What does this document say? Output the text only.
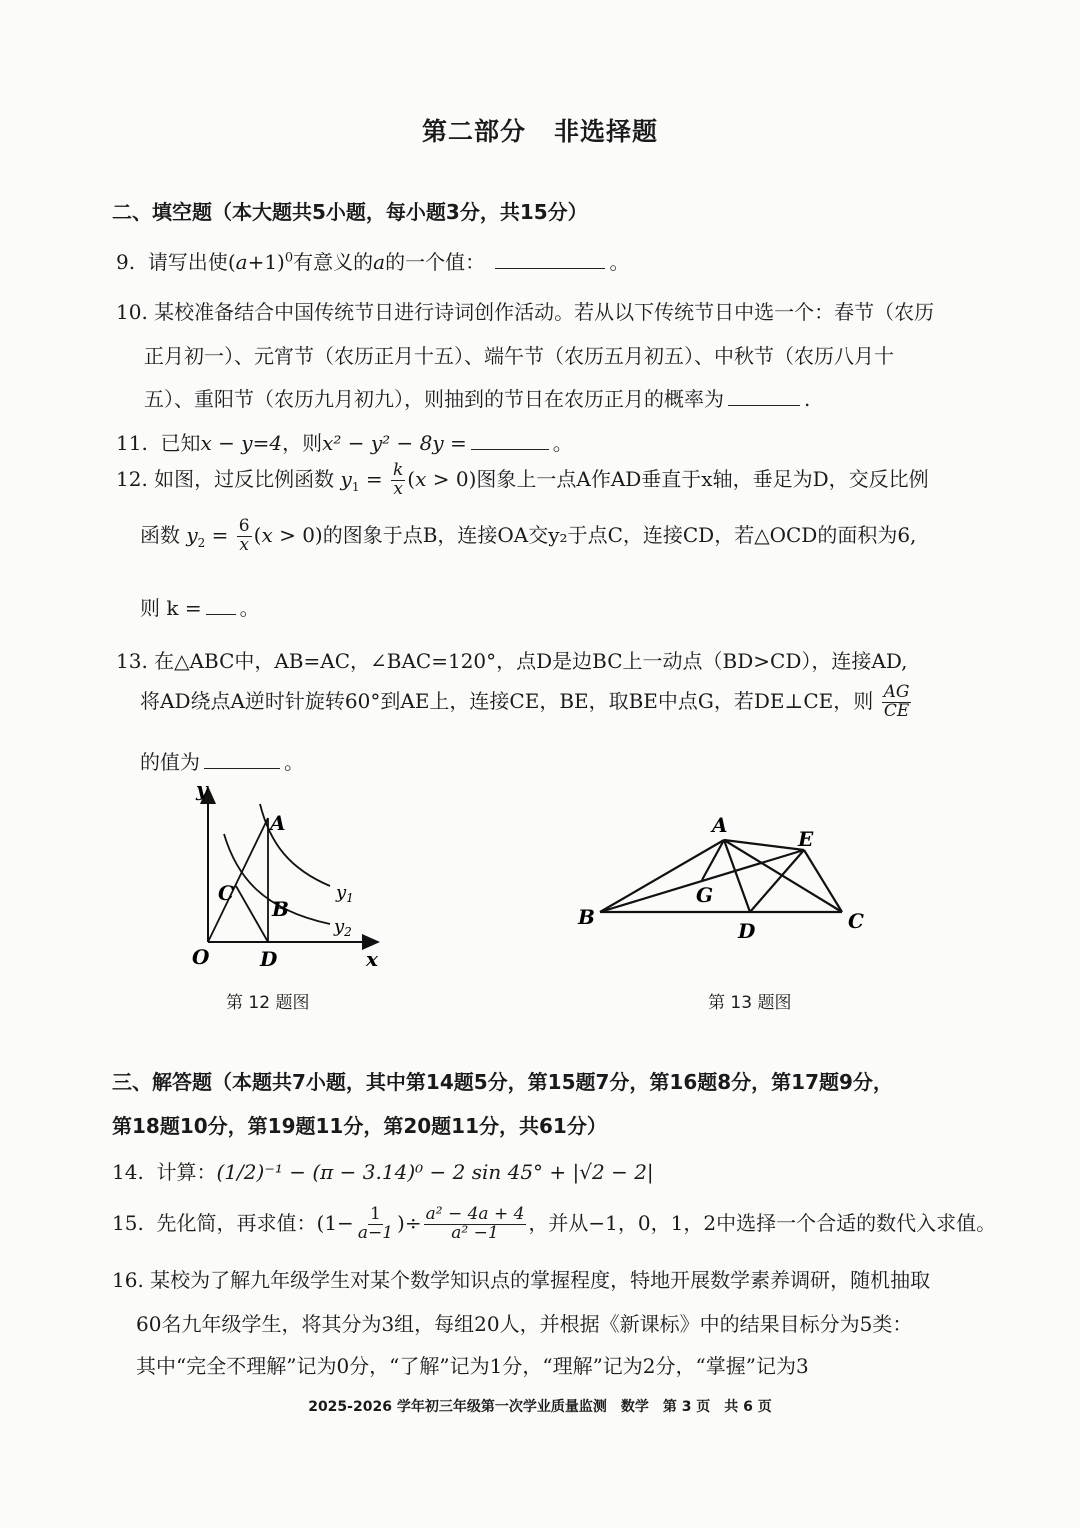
第二部分 非选择题
二、填空题（本大题共5小题，每小题3分，共15分）
9. 请写出使$(a+1)^0$有意义的a的一个值：	。
10. 某校准备结合中国传统节日进行诗词创作活动。若从以下传统节日中选一个：春节（农历
正月初一）、元宵节（农历正月十五）、端午节（农历五月初五）、中秋节（农历八月十
五）、重阳节（农历九月初九），则抽到的节日在农历正月的概率为	.
11. 已知x − y=4，则x² − y² − 8y =	。
12. 如图，过反比例函数 $y_1 = \frac{k}{x} (x > 0)$图象上一点A作AD垂直于x轴，垂足为D，交反比例
函数 $y_2 = \frac{6}{x} (x > 0)$的图象于点B，连接OA交y₂于点C，连接CD，若△OCD的面积为6,
则 k = 。
13. 在△ABC中，AB=AC，∠BAC=120°，点D是边BC上一动点（BD>CD），连接AD,
将AD绕点A逆时针旋转60°到AE上，连接CE，BE，取BE中点G，若DE⊥CE，则 $\frac{AG}{CE}$
的值为	。
y
x
O	D
A
B
C	$y_1$
$y_2$
第 12 题图
A
E
B	C
D
G
第 13 题图
三、解答题（本题共7小题，其中第14题5分，第15题7分，第16题8分，第17题9分，
第18题10分，第19题11分，第20题11分，共61分）
14. 计算：(1/2)⁻¹ − (π − 3.14)⁰ − 2 sin 45° + |√2 − 2|
15. 先化简，再求值：($1- \frac{1}{a-1}$ )÷ $\frac{\text{a² − 4a + 4}}{\text{a² −1}}$ ，并从−1，0，1，2中选择一个合适的数代入求值。
16. 某校为了解九年级学生对某个数学知识点的掌握程度，特地开展数学素养调研，随机抽取
60名九年级学生，将其分为3组，每组20人，并根据《新课标》中的结果目标分为5类：
其中“完全不理解”记为0分，“了解”记为1分，“理解”记为2分，“掌握”记为3
2025-2026 学年初三年级第一次学业质量监测　数学　第 3 页　共 6 页
